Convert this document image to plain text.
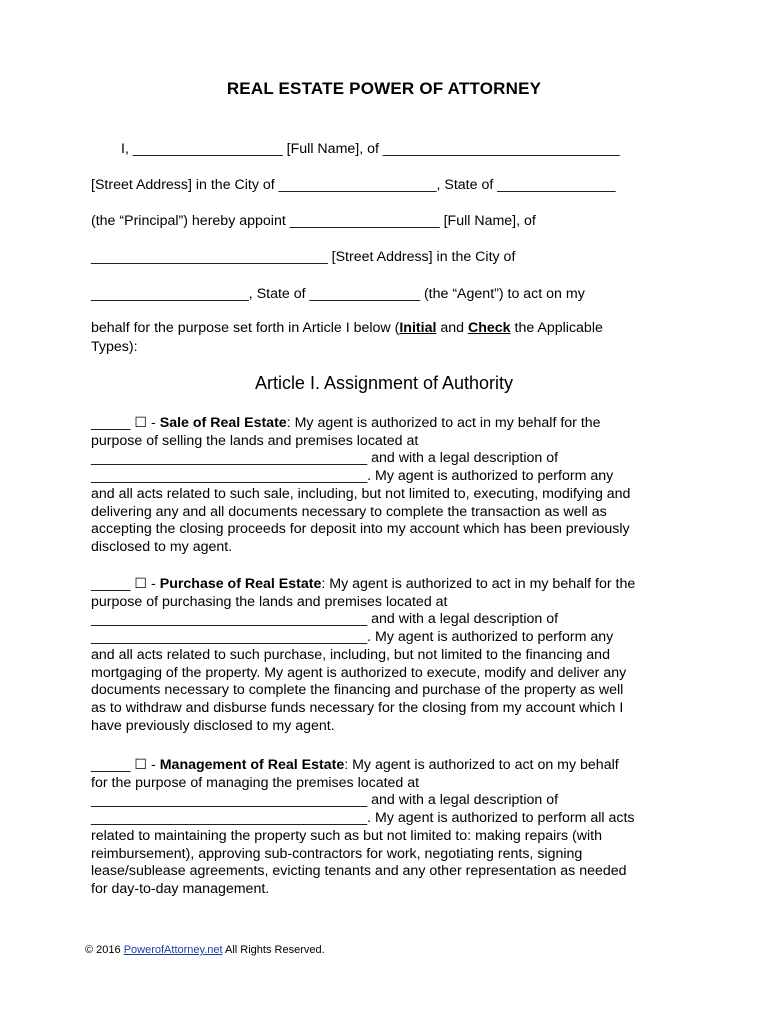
REAL ESTATE POWER OF ATTORNEY
I, ___________________ [Full Name], of ______________________________
[Street Address] in the City of ____________________, State of _______________
(the “Principal”) hereby appoint ___________________ [Full Name], of
______________________________ [Street Address] in the City of
____________________, State of ______________ (the “Agent”) to act on my
behalf for the purpose set forth in Article I below (Initial and Check the Applicable
Types):
Article I. Assignment of Authority
_____ ☐ - Sale of Real Estate: My agent is authorized to act in my behalf for the
purpose of selling the lands and premises located at
___________________________________ and with a legal description of
___________________________________. My agent is authorized to perform any
and all acts related to such sale, including, but not limited to, executing, modifying and
delivering any and all documents necessary to complete the transaction as well as
accepting the closing proceeds for deposit into my account which has been previously
disclosed to my agent.
_____ ☐ - Purchase of Real Estate: My agent is authorized to act in my behalf for the
purpose of purchasing the lands and premises located at
___________________________________ and with a legal description of
___________________________________. My agent is authorized to perform any
and all acts related to such purchase, including, but not limited to the financing and
mortgaging of the property. My agent is authorized to execute, modify and deliver any
documents necessary to complete the financing and purchase of the property as well
as to withdraw and disburse funds necessary for the closing from my account which I
have previously disclosed to my agent.
_____ ☐ - Management of Real Estate: My agent is authorized to act on my behalf
for the purpose of managing the premises located at
___________________________________ and with a legal description of
___________________________________. My agent is authorized to perform all acts
related to maintaining the property such as but not limited to: making repairs (with
reimbursement), approving sub-contractors for work, negotiating rents, signing
lease/sublease agreements, evicting tenants and any other representation as needed
for day-to-day management.
© 2016 PowerofAttorney.net All Rights Reserved.
